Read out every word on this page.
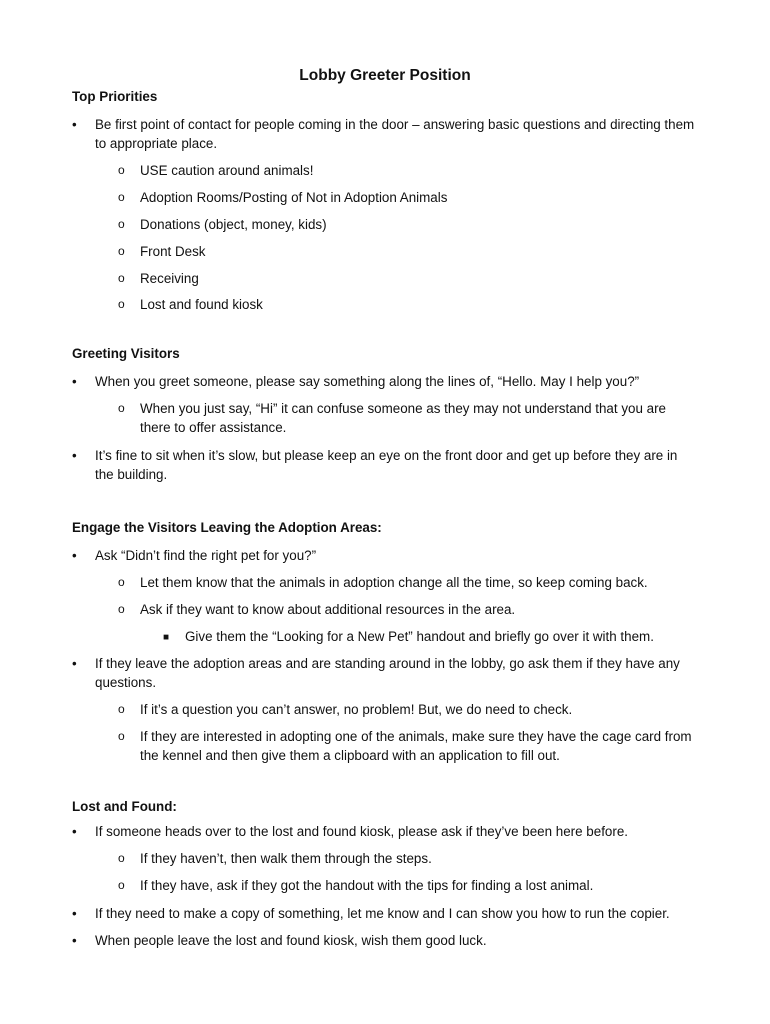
Lobby Greeter Position
Top Priorities
• Be first point of contact for people coming in the door – answering basic questions and directing them to appropriate place.
o USE caution around animals!
o Adoption Rooms/Posting of Not in Adoption Animals
o Donations (object, money, kids)
o Front Desk
o Receiving
o Lost and found kiosk
Greeting Visitors
• When you greet someone, please say something along the lines of, “Hello. May I help you?”
o When you just say, “Hi” it can confuse someone as they may not understand that you are there to offer assistance.
• It’s fine to sit when it’s slow, but please keep an eye on the front door and get up before they are in the building.
Engage the Visitors Leaving the Adoption Areas:
• Ask “Didn’t find the right pet for you?”
o Let them know that the animals in adoption change all the time, so keep coming back.
o Ask if they want to know about additional resources in the area.
■ Give them the “Looking for a New Pet” handout and briefly go over it with them.
• If they leave the adoption areas and are standing around in the lobby, go ask them if they have any questions.
o If it’s a question you can’t answer, no problem! But, we do need to check.
o If they are interested in adopting one of the animals, make sure they have the cage card from the kennel and then give them a clipboard with an application to fill out.
Lost and Found:
• If someone heads over to the lost and found kiosk, please ask if they’ve been here before.
o If they haven’t, then walk them through the steps.
o If they have, ask if they got the handout with the tips for finding a lost animal.
• If they need to make a copy of something, let me know and I can show you how to run the copier.
• When people leave the lost and found kiosk, wish them good luck.
